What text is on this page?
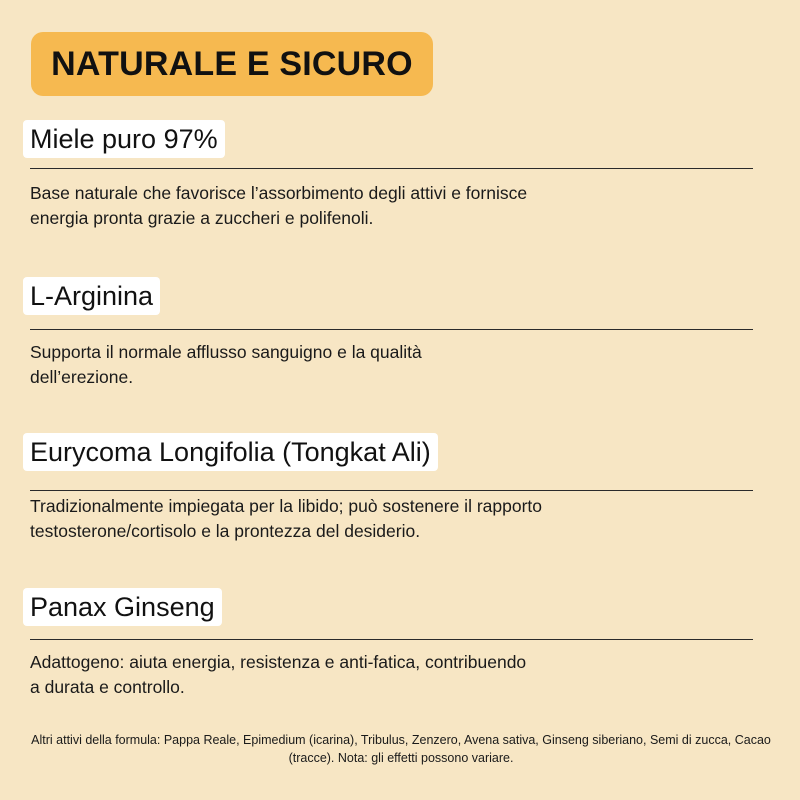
NATURALE E SICURO
Miele puro 97%
Base naturale che favorisce l’assorbimento degli attivi e fornisce energia pronta grazie a zuccheri e polifenoli.
L-Arginina
Supporta il normale afflusso sanguigno e la qualità dell’erezione.
Eurycoma Longifolia (Tongkat Ali)
Tradizionalmente impiegata per la libido; può sostenere il rapporto testosterone/cortisolo e la prontezza del desiderio.
Panax Ginseng
Adattogeno: aiuta energia, resistenza e anti-fatica, contribuendo a durata e controllo.
Altri attivi della formula: Pappa Reale, Epimedium (icarina), Tribulus, Zenzero, Avena sativa, Ginseng siberiano, Semi di zucca, Cacao (tracce). Nota: gli effetti possono variare.
